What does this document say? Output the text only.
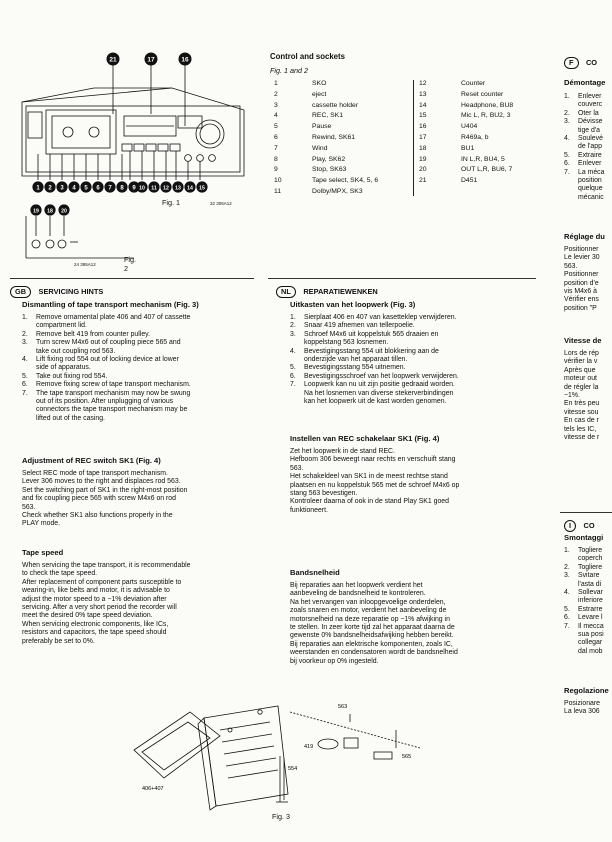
21	17	16
1 2 3 4 5 6 7 8 9 10 11 12 13 14 15
Fig. 1	32 306A12
19 18 20
24 395A12
Fig. 2
Control and sockets
Fig. 1 and 2
1	SKO
2	eject
3	cassette holder
4	REC, SK1
5	Pause
6	Rewind, SK61
7	Wind
8	Play, SK62
9	Stop, SK63
10	Tape select, SK4, 5, 6
11	Dolby/MPX, SK3
12	Counter
13	Reset counter
14	Headphone, BU8
15	Mic L, R, BU2, 3
16	U404
17	R469a, b
18	BU1
19	IN L,R, BU4, 5
20	OUT L,R, BU6, 7
21	D451
GB SERVICING HINTS
Dismantling of tape transport mechanism (Fig. 3)
1. Remove ornamental plate 406 and 407 of cassette
compartment lid.
2. Remove belt 419 from counter pulley.
3. Turn screw M4x6 out of coupling piece 565 and
take out coupling rod 563.
4. Lift fixing rod 554 out of locking device at lower
side of apparatus.
5. Take out fixing rod 554.
6. Remove fixing screw of tape transport mechanism.
7. The tape transport mechanism may now be swung
out of its position. After unplugging of various
connectors the tape transport mechanism may be
lifted out of the casing.
Adjustment of REC switch SK1 (Fig. 4)
Select REC mode of tape transport mechanism.
Lever 306 moves to the right and displaces rod 563.
Set the switching part of SK1 in the right-most position
and fix coupling piece 565 with screw M4x6 on rod
563.
Check whether SK1 also functions properly in the
PLAY mode.
Tape speed
When servicing the tape transport, it is recommendable
to check the tape speed.
After replacement of component parts susceptible to
wearing-in, like belts and motor, it is advisable to
adjust the motor speed to a −1% deviation after
servicing. After a very short period the recorder will
meet the desired 0% tape speed deviation.
When servicing electronic components, like ICs,
resistors and capacitors, the tape speed should
preferably be set to 0%.
NL REPARATIEWENKEN
Uitkasten van het loopwerk (Fig. 3)
1. Sierplaat 406 en 407 van kasetteklep verwijderen.
2. Snaar 419 afnemen van tellerpoelie.
3. Schroef M4x6 uit koppelstuk 565 draaien en
koppelstang 563 losnemen.
4. Bevestigingsstang 554 uit blokkering aan de
onderzijde van het apparaat tillen.
5. Bevestigingsstang 554 uitnemen.
6. Bevestigingsschroef van het loopwerk verwijderen.
7. Loopwerk kan nu uit zijn positie gedraaid worden.
Na het losnemen van diverse stekerverbindingen
kan het loopwerk uit de kast worden genomen.
Instellen van REC schakelaar SK1 (Fig. 4)
Zet het loopwerk in de stand REC.
Hefboom 306 beweegt naar rechts en verschuift stang
563.
Het schakeldeel van SK1 in de meest rechtse stand
plaatsen en nu koppelstuk 565 met de schroef M4x6 op
stang 563 bevestigen.
Kontroleer daarna of ook in de stand Play SK1 goed
funktioneert.
Bandsnelheid
Bij reparaties aan het loopwerk verdient het
aanbeveling de bandsnelheid te kontroleren.
Na het vervangen van inloopgevoelige onderdelen,
zoals snaren en motor, verdient het aanbeveling de
motorsnelheid na deze reparatie op −1% afwijking in
te stellen. In zeer korte tijd zal het apparaat daarna de
gewenste 0% bandsnelheidsafwijking hebben bereikt.
Bij reparaties aan elektrische komponenten, zoals IC,
weerstanden en condensatoren wordt de bandsnelheid
bij voorkeur op 0% ingesteld.
F CO
Démontage
1. Enlever
couverc
2. Oter la
3. Dévisse
tige d'a
4. Soulevé
de l'app
5. Extraire
6. Enlever
7. La méca
position
quelque
mécanic
Réglage du
Positionner
Le levier 30
563.
Positionner
position d'e
vis M4x6 à
Vérifier ens
position "P
Vitesse de
Lors de rép
vérifier la v
Après que
moteur out
de régler la
−1%.
En très peu
vitesse sou
En cas de r
tels les IC,
vitesse de r
I CO
Smontaggi
1. Togliere
coperch
2. Togliere
3. Svitare
l'asta di
4. Sollevar
inferiore
5. Estrarre
6. Levare l
7. Il mecca
sua posi
collegar
dal mob
Regolazione
Posizionare
La leva 306
563
419
565
554
406+407
Fig. 3
